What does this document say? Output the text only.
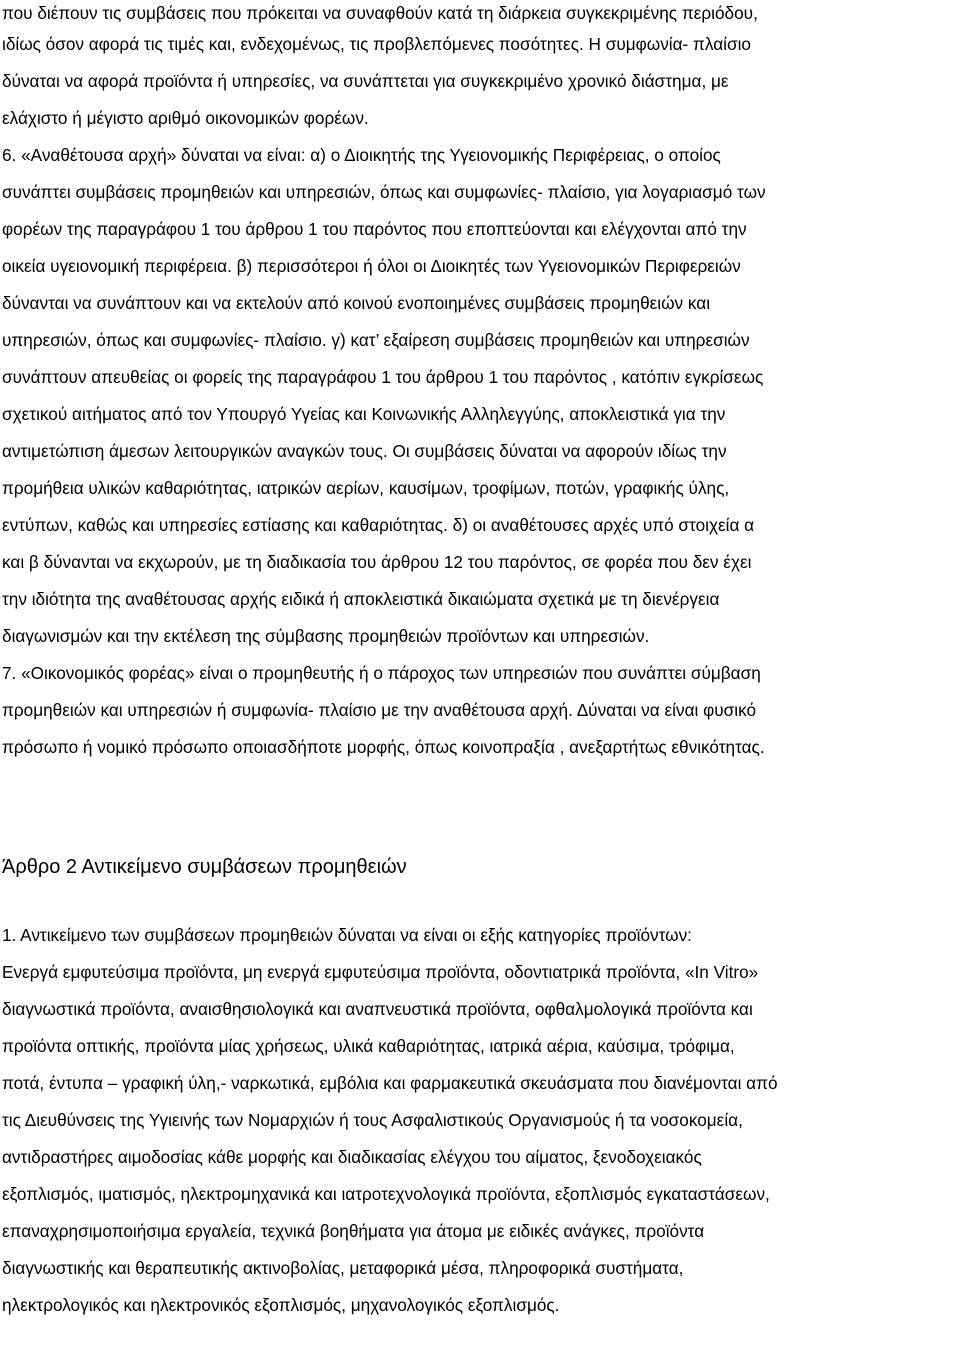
που διέπουν τις συμβάσεις που πρόκειται να συναφθούν κατά τη διάρκεια συγκεκριμένης περιόδου,
ιδίως όσον αφορά τις τιμές και, ενδεχομένως, τις προβλεπόμενες ποσότητες. Η συμφωνία- πλαίσιο
δύναται να αφορά προϊόντα ή υπηρεσίες, να συνάπτεται για συγκεκριμένο χρονικό διάστημα, με
ελάχιστο ή μέγιστο αριθμό οικονομικών φορέων.
6. «Αναθέτουσα αρχή» δύναται να είναι: α) ο Διοικητής της Υγειονομικής Περιφέρειας, ο οποίος
συνάπτει συμβάσεις προμηθειών και υπηρεσιών, όπως και συμφωνίες- πλαίσιο, για λογαριασμό των
φορέων της παραγράφου 1 του άρθρου 1 του παρόντος που εποπτεύονται και ελέγχονται από την
οικεία υγειονομική περιφέρεια. β) περισσότεροι ή όλοι οι Διοικητές των Υγειονομικών Περιφερειών
δύνανται να συνάπτουν και να εκτελούν από κοινού ενοποιημένες συμβάσεις προμηθειών και
υπηρεσιών, όπως και συμφωνίες- πλαίσιο. γ) κατ’ εξαίρεση συμβάσεις προμηθειών και υπηρεσιών
συνάπτουν απευθείας οι φορείς της παραγράφου 1 του άρθρου 1 του παρόντος , κατόπιν εγκρίσεως
σχετικού αιτήματος από τον Υπουργό Υγείας και Κοινωνικής Αλληλεγγύης, αποκλειστικά για την
αντιμετώπιση άμεσων λειτουργικών αναγκών τους. Οι συμβάσεις δύναται να αφορούν ιδίως την
προμήθεια υλικών καθαριότητας, ιατρικών αερίων, καυσίμων, τροφίμων, ποτών, γραφικής ύλης,
εντύπων, καθώς και υπηρεσίες εστίασης και καθαριότητας. δ) οι αναθέτουσες αρχές υπό στοιχεία α
και β δύνανται να εκχωρούν, με τη διαδικασία του άρθρου 12 του παρόντος, σε φορέα που δεν έχει
την ιδιότητα της αναθέτουσας αρχής ειδικά ή αποκλειστικά δικαιώματα σχετικά με τη διενέργεια
διαγωνισμών και την εκτέλεση της σύμβασης προμηθειών προϊόντων και υπηρεσιών.
7. «Οικονομικός φορέας» είναι ο προμηθευτής ή ο πάροχος των υπηρεσιών που συνάπτει σύμβαση
προμηθειών και υπηρεσιών ή συμφωνία- πλαίσιο με την αναθέτουσα αρχή. Δύναται να είναι φυσικό
πρόσωπο ή νομικό πρόσωπο οποιασδήποτε μορφής, όπως κοινοπραξία , ανεξαρτήτως εθνικότητας.
Άρθρο 2 Αντικείμενο συμβάσεων προμηθειών
1. Αντικείμενο των συμβάσεων προμηθειών δύναται να είναι οι εξής κατηγορίες προϊόντων:
Ενεργά εμφυτεύσιμα προϊόντα, μη ενεργά εμφυτεύσιμα προϊόντα, οδοντιατρικά προϊόντα, «In Vitro»
διαγνωστικά προϊόντα, αναισθησιολογικά και αναπνευστικά προϊόντα, οφθαλμολογικά προϊόντα και
προϊόντα οπτικής, προϊόντα μίας χρήσεως, υλικά καθαριότητας, ιατρικά αέρια, καύσιμα, τρόφιμα,
ποτά, έντυπα – γραφική ύλη,- ναρκωτικά, εμβόλια και φαρμακευτικά σκευάσματα που διανέμονται από
τις Διευθύνσεις της Υγιεινής των Νομαρχιών ή τους Ασφαλιστικούς Οργανισμούς ή τα νοσοκομεία,
αντιδραστήρες αιμοδοσίας κάθε μορφής και διαδικασίας ελέγχου του αίματος, ξενοδοχειακός
εξοπλισμός, ιματισμός, ηλεκτρομηχανικά και ιατροτεχνολογικά προϊόντα, εξοπλισμός εγκαταστάσεων,
επαναχρησιμοποιήσιμα εργαλεία, τεχνικά βοηθήματα για άτομα με ειδικές ανάγκες, προϊόντα
διαγνωστικής και θεραπευτικής ακτινοβολίας, μεταφορικά μέσα, πληροφορικά συστήματα,
ηλεκτρολογικός και ηλεκτρονικός εξοπλισμός, μηχανολογικός εξοπλισμός.
